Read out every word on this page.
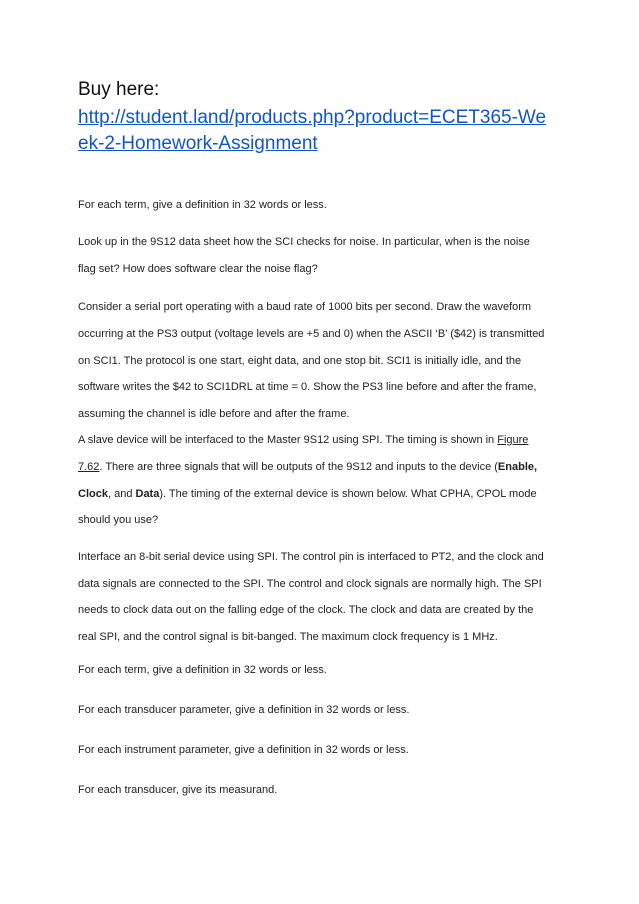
Buy here:
http://student.land/products.php?product=ECET365-We
ek-2-Homework-Assignment
For each term, give a definition in 32 words or less.
Look up in the 9S12 data sheet how the SCI checks for noise. In particular, when is the noise
flag set? How does software clear the noise flag?
Consider a serial port operating with a baud rate of 1000 bits per second. Draw the waveform
occurring at the PS3 output (voltage levels are +5 and 0) when the ASCII ‘B’ ($42) is transmitted
on SCI1. The protocol is one start, eight data, and one stop bit. SCI1 is initially idle, and the
software writes the $42 to SCI1DRL at time = 0. Show the PS3 line before and after the frame,
assuming the channel is idle before and after the frame.
A slave device will be interfaced to the Master 9S12 using SPI. The timing is shown in Figure
7.62. There are three signals that will be outputs of the 9S12 and inputs to the device (Enable,
Clock, and Data). The timing of the external device is shown below. What CPHA, CPOL mode
should you use?
Interface an 8-bit serial device using SPI. The control pin is interfaced to PT2, and the clock and
data signals are connected to the SPI. The control and clock signals are normally high. The SPI
needs to clock data out on the falling edge of the clock. The clock and data are created by the
real SPI, and the control signal is bit-banged. The maximum clock frequency is 1 MHz.
For each term, give a definition in 32 words or less.
For each transducer parameter, give a definition in 32 words or less.
For each instrument parameter, give a definition in 32 words or less.
For each transducer, give its measurand.
